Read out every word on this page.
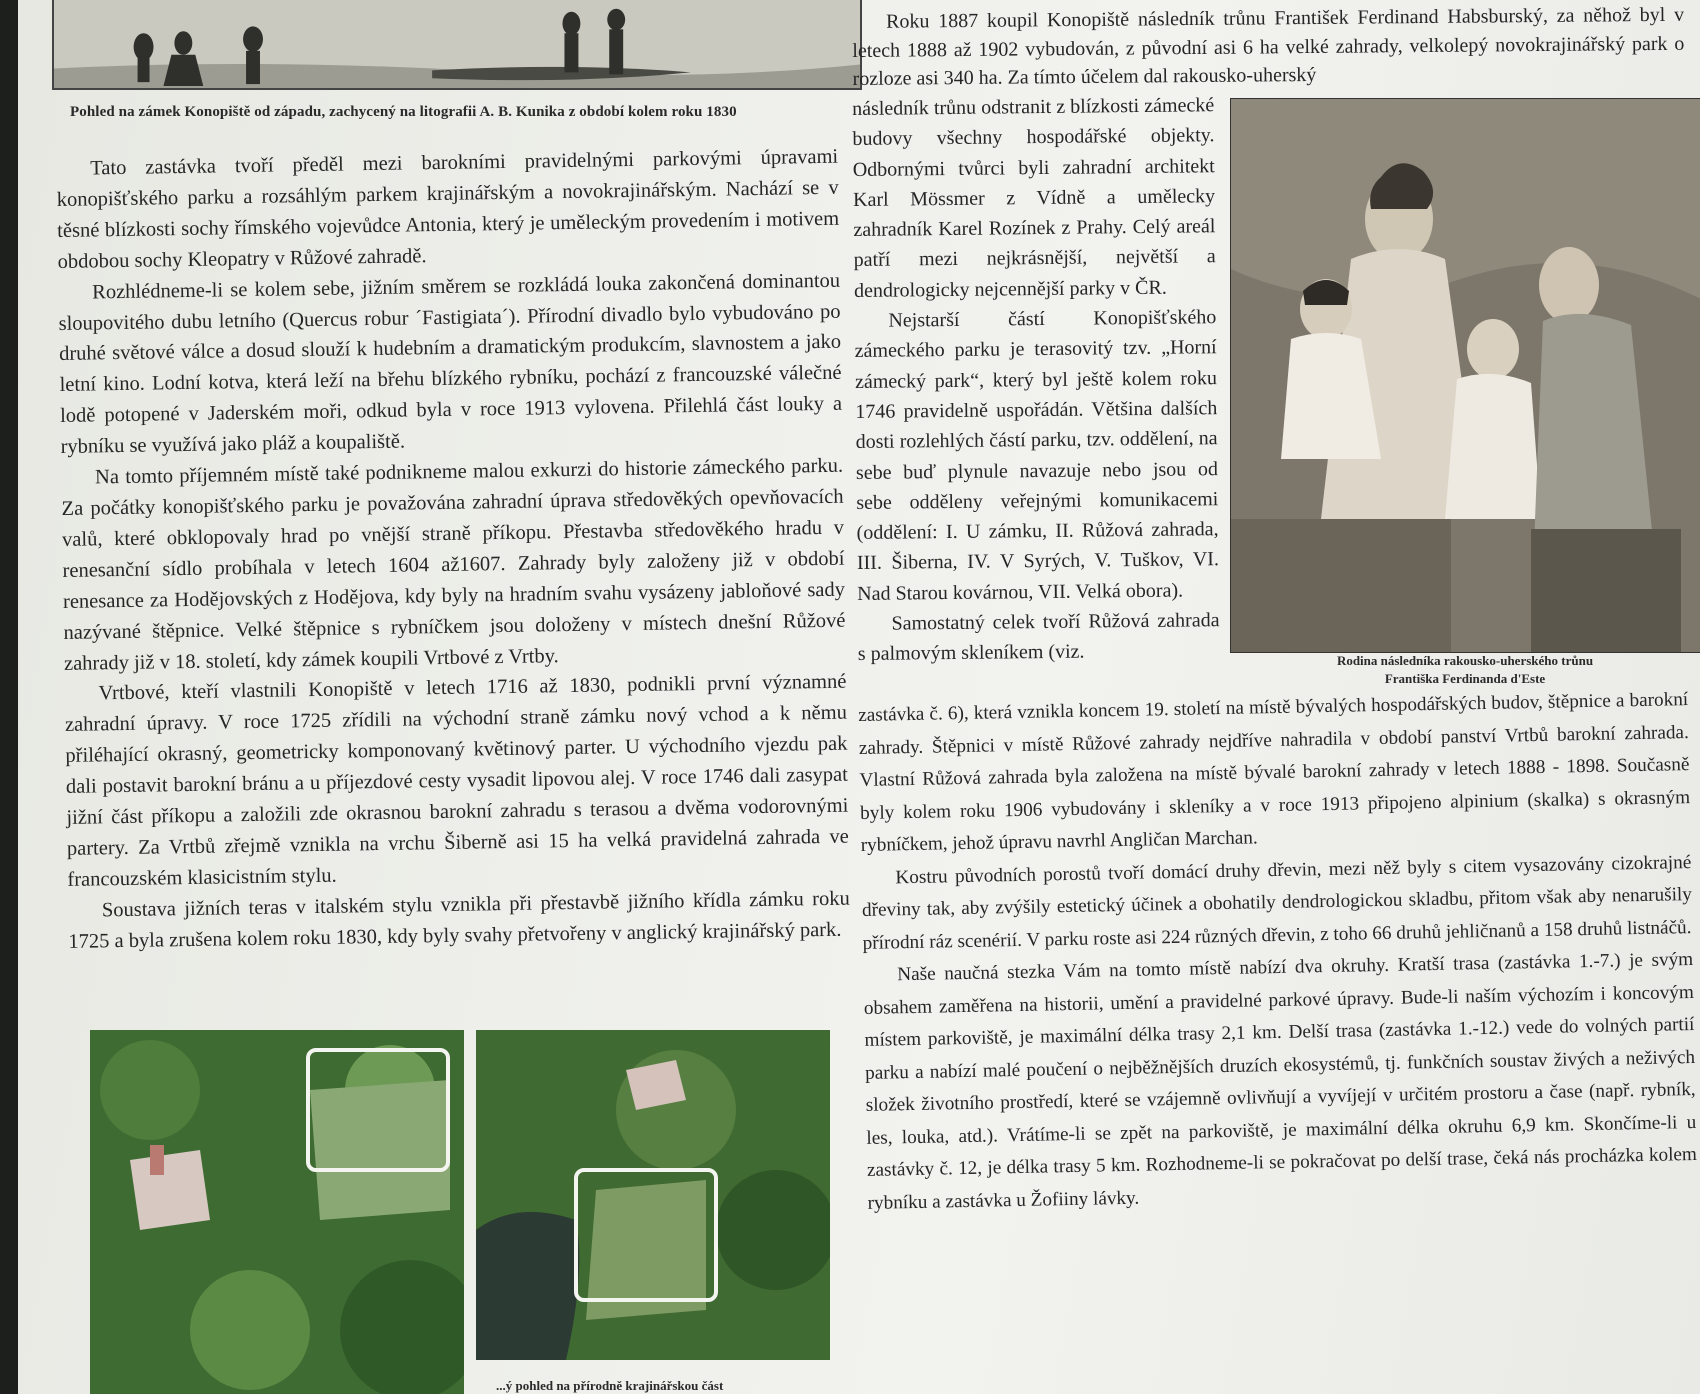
Pohled na zámek Konopiště od západu, zachycený na litografii A. B. Kunika z období kolem roku 1830

Tato zastávka tvoří předěl mezi barokními pravidelnými parkovými úpravami konopišťského parku a rozsáhlým parkem krajinářským a novokrajinářským. Nachází se v těsné blízkosti sochy římského vojevůdce Antonia, který je uměleckým provedením i motivem obdobou sochy Kleopatry v Růžové zahradě.

Rozhlédneme-li se kolem sebe, jižním směrem se rozkládá louka zakončená dominantou sloupovitého dubu letního (Quercus robur ´Fastigiata´). Přírodní divadlo bylo vybudováno po druhé světové válce a dosud slouží k hudebním a dramatickým produkcím, slavnostem a jako letní kino. Lodní kotva, která leží na břehu blízkého rybníku, pochází z francouzské válečné lodě potopené v Jaderském moři, odkud byla v roce 1913 vylovena. Přilehlá část louky a rybníku se využívá jako pláž a koupaliště.

Na tomto příjemném místě také podnikneme malou exkurzi do historie zámeckého parku. Za počátky konopišťského parku je považována zahradní úprava středověkých opevňovacích valů, které obklopovaly hrad po vnější straně příkopu. Přestavba středověkého hradu v renesanční sídlo probíhala v letech 1604 až1607. Zahrady byly založeny již v období renesance za Hodějovských z Hodějova, kdy byly na hradním svahu vysázeny jabloňové sady nazývané štěpnice. Velké štěpnice s rybníčkem jsou doloženy v místech dnešní Růžové zahrady již v 18. století, kdy zámek koupili Vrtbové z Vrtby.

Vrtbové, kteří vlastnili Konopiště v letech 1716 až 1830, podnikli první významné zahradní úpravy. V roce 1725 zřídili na východní straně zámku nový vchod a k němu přiléhající okrasný, geometricky komponovaný květinový parter. U východního vjezdu pak dali postavit barokní bránu a u příjezdové cesty vysadit lipovou alej. V roce 1746 dali zasypat jižní část příkopu a založili zde okrasnou barokní zahradu s terasou a dvěma vodorovnými partery. Za Vrtbů zřejmě vznikla na vrchu Šiberně asi 15 ha velká pravidelná zahrada ve francouzském klasicistním stylu.

Soustava jižních teras v italském stylu vznikla při přestavbě jižního křídla zámku roku 1725 a byla zrušena kolem roku 1830, kdy byly svahy přetvořeny v anglický krajinářský park.

Roku 1887 koupil Konopiště následník trůnu František Ferdinand Habsburský, za něhož byl v letech 1888 až 1902 vybudován, z původní asi 6 ha velké zahrady, velkolepý novokrajinářský park o rozloze asi 340 ha. Za tímto účelem dal rakousko-uherský

následník trůnu odstranit z blízkosti zámecké budovy všechny hospodářské objekty. Odbornými tvůrci byli zahradní architekt Karl Mössmer z Vídně a umělecky zahradník Karel Rozínek z Prahy. Celý areál patří mezi nejkrásnější, největší a dendrologicky nejcennější parky v ČR.

Nejstarší částí Konopišťského zámeckého parku je terasovitý tzv. „Horní zámecký park“, který byl ještě kolem roku 1746 pravidelně uspořádán. Většina dalších dosti rozlehlých částí parku, tzv. oddělení, na sebe buď plynule navazuje nebo jsou od sebe odděleny veřejnými komunikacemi (oddělení: I. U zámku, II. Růžová zahrada, III. Šiberna, IV. V Syrých, V. Tuškov, VI. Nad Starou kovárnou, VII. Velká obora).

Samostatný celek tvoří Růžová zahrada s palmovým skleníkem (viz.	Rodina následníka rakousko-uherského trůnu
Františka Ferdinanda d'Este

zastávka č. 6), která vznikla koncem 19. století na místě bývalých hospodářských budov, štěpnice a barokní zahrady. Štěpnici v místě Růžové zahrady nejdříve nahradila v období panství Vrtbů barokní zahrada. Vlastní Růžová zahrada byla založena na místě bývalé barokní zahrady v letech 1888 - 1898. Současně byly kolem roku 1906 vybudovány i skleníky a v roce 1913 připojeno alpinium (skalka) s okrasným rybníčkem, jehož úpravu navrhl Angličan Marchan.

Kostru původních porostů tvoří domácí druhy dřevin, mezi něž byly s citem vysazovány cizokrajné dřeviny tak, aby zvýšily estetický účinek a obohatily dendrologickou skladbu, přitom však aby nenarušily přírodní ráz scenérií. V parku roste asi 224 různých dřevin, z toho 66 druhů jehličnanů a 158 druhů listnáčů.

Naše naučná stezka Vám na tomto místě nabízí dva okruhy. Kratší trasa (zastávka 1.-7.) je svým obsahem zaměřena na historii, umění a pravidelné parkové úpravy. Bude-li naším výchozím i koncovým místem parkoviště, je maximální délka trasy 2,1 km. Delší trasa (zastávka 1.-12.) vede do volných partií parku a nabízí malé poučení o nejběžnějších druzích ekosystémů, tj. funkčních soustav živých a neživých složek životního prostředí, které se vzájemně ovlivňují a vyvíjejí v určitém prostoru a čase (např. rybník, les, louka, atd.). Vrátíme-li se zpět na parkoviště, je maximální délka okruhu 6,9 km. Skončíme-li u zastávky č. 12, je délka trasy 5 km. Rozhodneme-li se pokračovat po delší trase, čeká nás procházka kolem rybníku a zastávka u Žofiiny lávky.

...ý pohled na přírodně krajinářskou část
